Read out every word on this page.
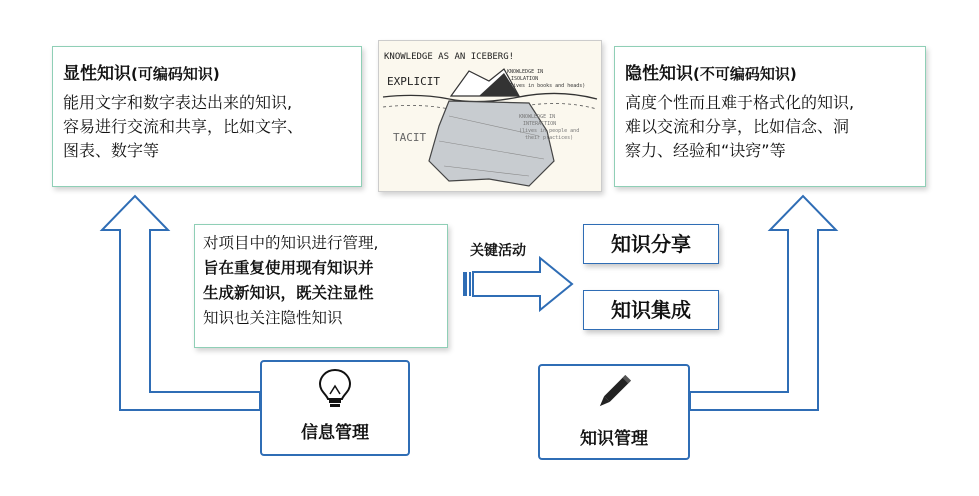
显性知识(可编码知识)
能用文字和数字表达出来的知识,
容易进行交流和共享，比如文字、
图表、数字等
KNOWLEDGE AS AN ICEBERG!
EXPLICIT
TACIT
KNOWLEDGE IN
ISOLATION
(lives in books and heads)
KNOWLEDGE IN
INTERACTION
(lives in people and
their practices)
隐性知识(不可编码知识)
高度个性而且难于格式化的知识,
难以交流和分享，比如信念、洞
察力、经验和“诀窍”等
对项目中的知识进行管理,
旨在重复使用现有知识并
生成新知识，既关注显性
知识也关注隐性知识
关键活动	知识分享
知识集成
信息管理	知识管理
